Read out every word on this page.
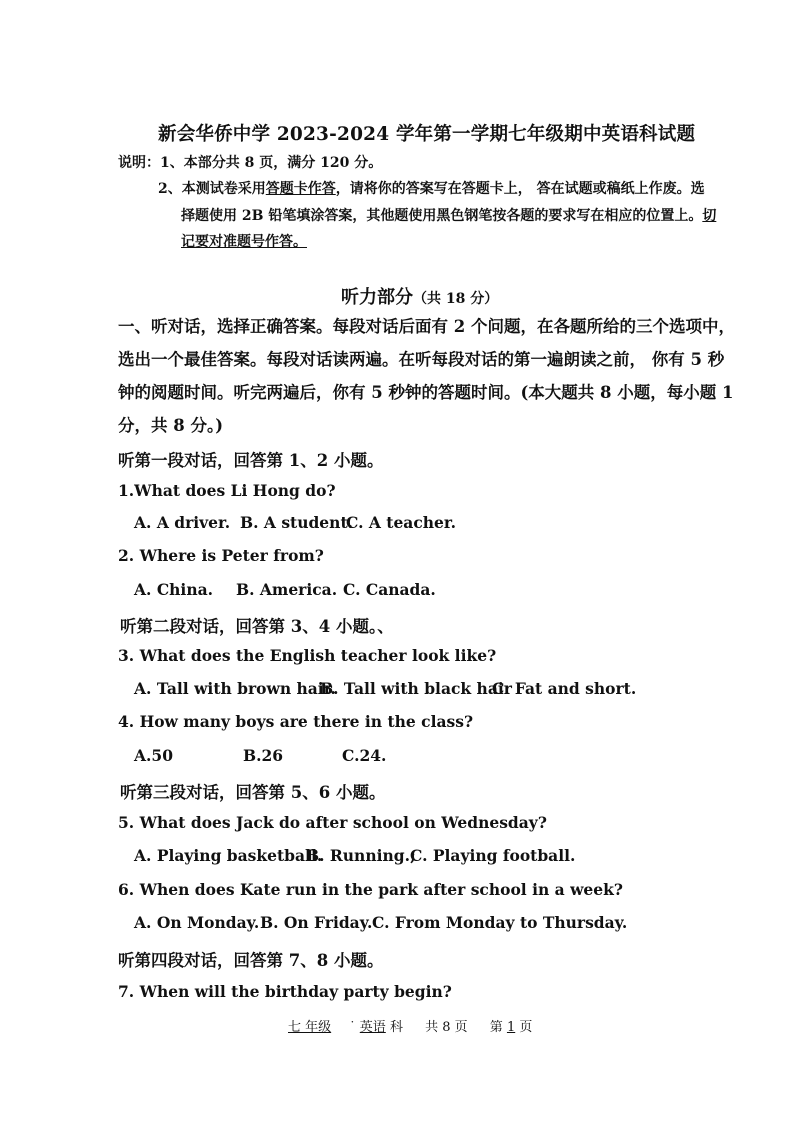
新会华侨中学 2023-2024 学年第一学期七年级期中英语科试题
说明：1、本部分共 8 页，满分 120 分。
2、本测试卷采用答题卡作答，请将你的答案写在答题卡上， 答在试题或稿纸上作废。选
择题使用 2B 铅笔填涂答案，其他题使用黑色钢笔按各题的要求写在相应的位置上。切
记要对准题号作答。
听力部分（共 18 分）
一、听对话，选择正确答案。每段对话后面有 2 个问题，在各题所给的三个选项中，
选出一个最佳答案。每段对话读两遍。在听每段对话的第一遍朗读之前， 你有 5 秒
钟的阅题时间。听完两遍后，你有 5 秒钟的答题时间。(本大题共 8 小题，每小题 1
分，共 8 分。)
听第一段对话，回答第 1、2 小题。
1.What does Li Hong do?
A. A driver. B. A student.C. A teacher.
2. Where is Peter from?
A. China. B. America. C. Canada.
听第二段对话，回答第 3、4 小题。、
3. What does the English teacher look like?
A. Tall with brown hair.B. Tall with black hairC. Fat and short.
4. How many boys are there in the class?
A.50	B.26	C.24.
听第三段对话，回答第 5、6 小题。
5. What does Jack do after school on Wednesday?
A. Playing basketball.B. Running.;C. Playing football.
6. When does Kate run in the park after school in a week?
A. On Monday.B. On Friday.C. From Monday to Thursday.
听第四段对话，回答第 7、8 小题。
7. When will the birthday party begin?
七 年级 ˙ 英语 科 共 8 页 第 1 页
